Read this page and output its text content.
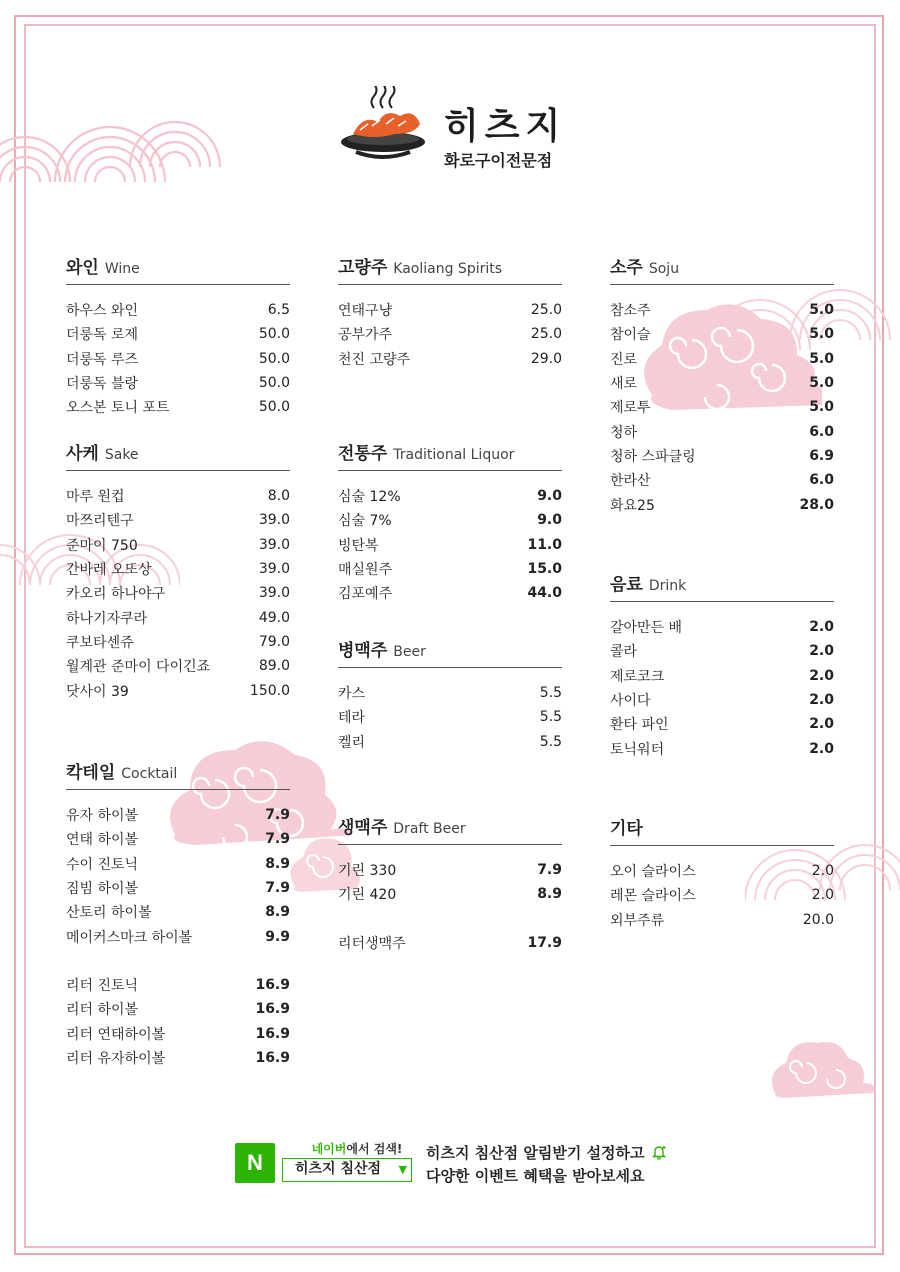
히츠지
화로구이전문점
와인 Wine
하우스 와인	6.5
더룽독 로제	50.0
더룽독 루즈	50.0
더룽독 블랑	50.0
오스본 토니 포트	50.0
사케 Sake
마루 원컵	8.0
마쯔리텐구	39.0
준마이 750	39.0
간바레 오또상	39.0
카오리 하나야구	39.0
하나기자쿠라	49.0
쿠보타센쥬	79.0
월계관 준마이 다이긴죠	89.0
닷사이 39	150.0
칵테일 Cocktail
유자 하이볼	7.9
연태 하이볼	7.9
수이 진토닉	8.9
짐빔 하이볼	7.9
산토리 하이볼	8.9
메이커스마크 하이볼	9.9
리터 진토닉	16.9
리터 하이볼	16.9
리터 연태하이볼	16.9
리터 유자하이볼	16.9
고량주 Kaoliang Spirits
연태구냥	25.0
공부가주	25.0
천진 고량주	29.0
전통주 Traditional Liquor
심술 12%	9.0
심술 7%	9.0
빙탄복	11.0
매실원주	15.0
김포예주	44.0
병맥주 Beer
카스	5.5
테라	5.5
켈리	5.5
생맥주 Draft Beer
기린 330	7.9
기린 420	8.9
리터생맥주	17.9
소주 Soju
참소주	5.0
참이슬	5.0
진로	5.0
새로	5.0
제로투	5.0
청하	6.0
청하 스파클링	6.9
한라산	6.0
화요25	28.0
음료 Drink
갈아만든 배	2.0
콜라	2.0
제로코크	2.0
사이다	2.0
환타 파인	2.0
토닉워터	2.0
기타
오이 슬라이스	2.0
레몬 슬라이스	2.0
외부주류	20.0
N
네이버에서 검색!
히츠지 침산점 ▼
히츠지 침산점 알림받기 설정하고
다양한 이벤트 혜택을 받아보세요
